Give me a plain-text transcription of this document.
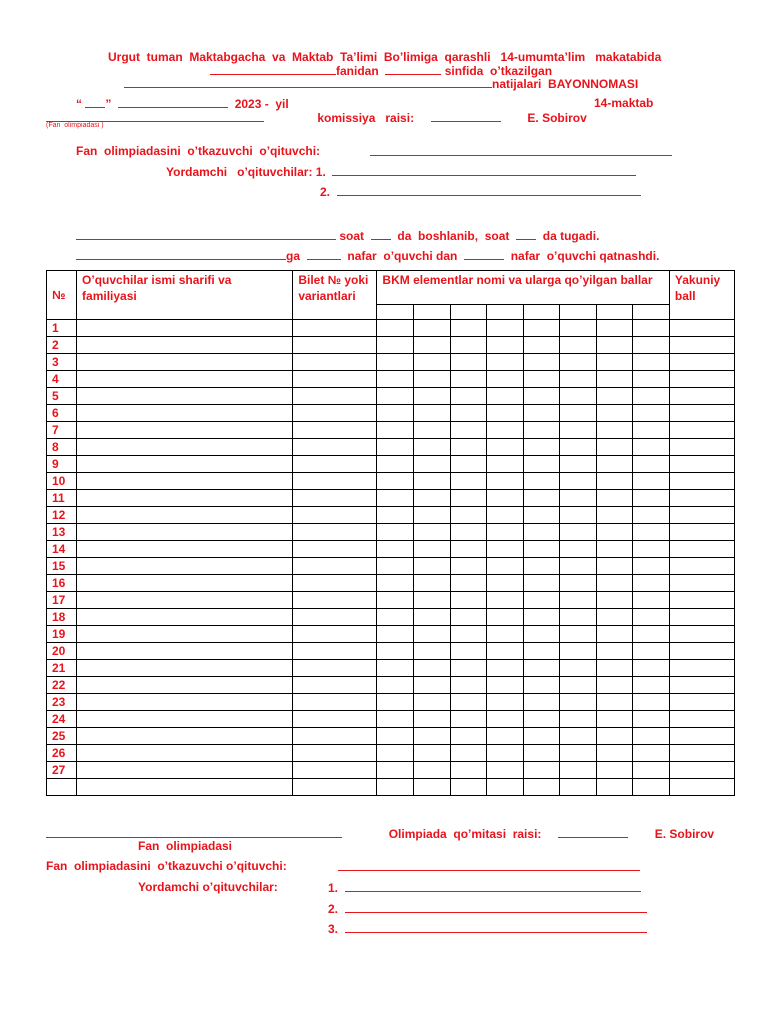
Urgut  tuman  Maktabgacha  va  Maktab  Ta’limi  Bo’limiga  qarashli   14-umumta’lim   makatabida
fanidan	sinfida  o’tkazilgan
natijalari  BAYONNOMASI
“ ”	2023 -  yil	14-maktab
komissiya   raisi:	E. Sobirov
(Fan  olimpiadasi )
Fan  olimpiadasini  o’tkazuvchi  o’qituvchi:
Yordamchi   o’qituvchilar: 1.
2.
soat	da  boshlanib,  soat	da tugadi.
ga	nafar  o’quvchi dan	nafar  o’quvchi qatnashdi.
№	O’quvchilar ismi sharifi va familiyasi	Bilet № yoki variantlari	BKM elementlar nomi va ularga qo’yilgan ballar								Yakuniy ball

1											
2											
3											
4											
5											
6											
7											
8											
9											
10											
11											
12											
13											
14											
15											
16											
17											
18											
19											
20											
21											
22											
23											
24											
25											
26											
27											

Olimpiada  qo’mitasi  raisi:	E. Sobirov
Fan  olimpiadasi
Fan  olimpiadasini  o’tkazuvchi o’qituvchi:
Yordamchi o’qituvchilar:	1.
2.
3.
